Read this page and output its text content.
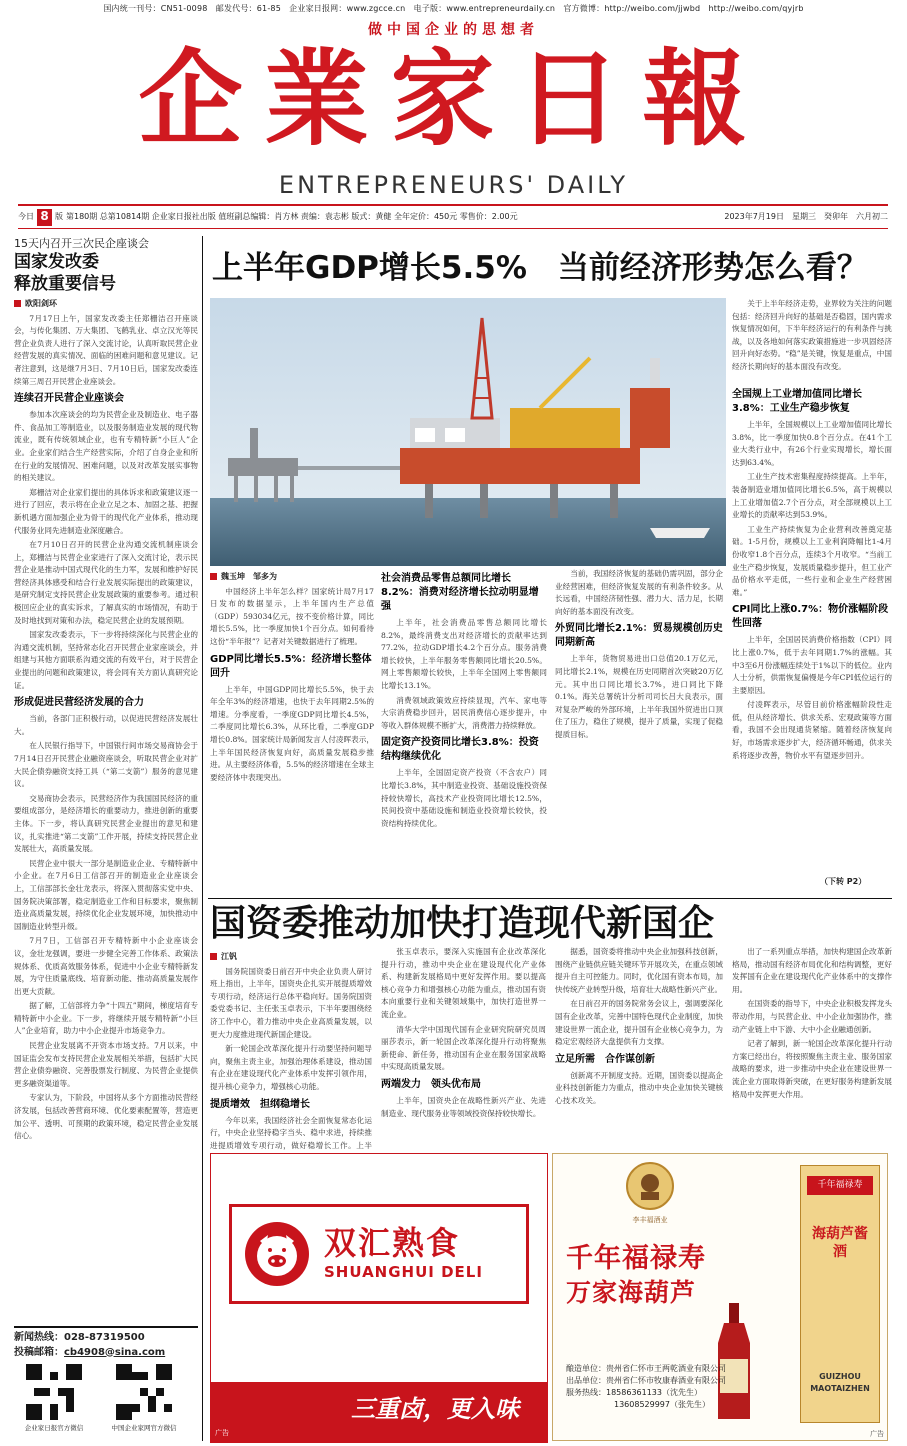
国内统一刊号：CN51-0098　邮发代号：61-85　企业家日报网：www.zgcce.cn　电子版：www.entrepreneurdaily.cn　官方微博：http://weibo.com/jjwbd　http://weibo.com/qyjrb
做中国企业的思想者
企業家日報
ENTREPRENEURS' DAILY
今日 8 版 第180期 总第10814期 企业家日报社出版 值班副总编辑：肖方林 责编：袁志彬 版式：黄健 全年定价：450元 零售价：2.00元	2023年7月19日　星期三　癸卯年　六月初二
15天内召开三次民企座谈会
国家发改委
释放重要信号
欧阳剑环

7月17日上午，国家发改委主任郑栅洁召开座谈会，与传化集团、万大集团、飞鹤乳业、卓立汉光等民营企业负责人进行了深入交流讨论，认真听取民营企业经营发展的真实情况、面临的困难问题和意见建议。记者注意到，这是继7月3日、7月10日后，国家发改委连续第三周召开民营企业座谈会。

连续召开民营企业座谈会

参加本次座谈会的均为民营企业及制造业、电子器件、食品加工等制造业，以及服务制造业发展的现代物流业，既有传统领域企业，也有专精特新“小巨人”企业。企业家们结合生产经营实际，介绍了自身企业和所在行业的发展情况、困难问题，以及对改革发展实事物的相关建议。

郑栅洁对企业家们提出的具体诉求和政策建议逐一进行了回应，表示将在企业立足之本、加固之基、把握新机遇方面加强企业为骨干的现代化产业体系，推动现代服务业同先进制造业深度融合。

在7月10日召开的民营企业沟通交流机制座谈会上，郑栅洁与民营企业家进行了深入交流讨论，表示民营企业是推动中国式现代化的生力军，发展和维护好民营经济具体感受和结合行业发展实际提出的政策建议，是研究制定支持民营企业发展政策的重要参考。通过积极回应企业的真实诉求，了解真实的市场情况，有助于及时地找到对策和办法，稳定民营企业的发展预期。

国家发改委表示，下一步将持续深化与民营企业的沟通交流机制，坚持常态化召开民营企业家座谈会，并组建与其他方面联系沟通交流的有效平台，对于民营企业提出的问题和政策建议，将会同有关方面认真研究论证。

形成促进民营经济发展的合力

当前，各部门正积极行动，以促进民营经济发展壮大。

在人民银行指导下，中国银行间市场交易商协会于7月14日召开民营企业融资座谈会，听取民营企业对扩大民企债券融资支持工具（“第二支箭”）服务的意见建议。

交易商协会表示，民营经济作为我国国民经济的重要组成部分，是经济增长的重要动力，推进创新的重要主体。下一步，将认真研究民营企业提出的意见和建议，扎实推进“第二支箭”工作开展，持续支持民营企业发展壮大，高质量发展。

民营企业中很大一部分是制造业企业、专精特新中小企业。在7月6日工信部召开的制造业企业座谈会上，工信部部长金壮龙表示，将深入贯彻落实党中央、国务院决策部署，稳定制造业工作和目标要求，聚焦制造业高质量发展，持续优化企业发展环境，加快推动中国制造业转型升级。

7月7日，工信部召开专精特新中小企业座谈会议，金壮龙强调，要进一步健全完善工作体系、政策法规体系、优质高效服务体系，促进中小企业专精特新发展，为守住质量底线、培育新动能、推动高质量发展作出更大贡献。

据了解，工信部将力争“十四五”期间，梯度培育专精特新中小企业。下一步，将继续开展专精特新“小巨人”企业培育，助力中小企业提升市场竞争力。

民营企业发展离不开资本市场支持。7月以来，中国证监会发布支持民营企业发展相关举措，包括扩大民营企业债券融资、完善股票发行制度、为民营企业提供更多融资渠道等。

专家认为，下阶段，中国将从多个方面推动民营经济发展，包括改善营商环境、优化要素配置等，营造更加公平、透明、可预期的政策环境，稳定民营企业发展信心。

新闻热线：028-87319500
投稿邮箱：cb4908@sina.com
企业家日报官方微信	中国企业家网官方微信
上半年GDP增长5.5%　当前经济形势怎么看？

关于上半年经济走势，业界较为关注的问题包括：经济回升向好的基础是否稳固，国内需求恢复情况如何，下半年经济运行的有利条件与挑战，以及各地如何落实政策措施进一步巩固经济回升向好态势。“稳”是关键，恢复是重点，中国经济长期向好的基本面没有改变。

全国规上工业增加值同比增长3.8%：工业生产稳步恢复

上半年，全国规模以上工业增加值同比增长3.8%，比一季度加快0.8个百分点。在41个工业大类行业中，有26个行业实现增长，增长面达到63.4%。

工业生产技术密集程度持续提高。上半年，装备制造业增加值同比增长6.5%，高于规模以上工业增加值2.7个百分点，对全部规模以上工业增长的贡献率达到53.9%。

工业生产持续恢复为企业营利改善奠定基础。1-5月份，规模以上工业利润降幅比1-4月份收窄1.8个百分点，连续3个月收窄。“当前工业生产稳步恢复，发展质量稳步提升，但工业产品价格水平走低，一些行业和企业生产经营困难。”

CPI同比上涨0.7%：物价涨幅阶段性回落

上半年，全国居民消费价格指数（CPI）同比上涨0.7%，低于去年同期1.7%的涨幅。其中3至6月份涨幅连续处于1%以下的低位。业内人士分析，供需恢复偏慢是今年CPI低位运行的主要原因。

付凌晖表示，尽管目前价格涨幅阶段性走低，但从经济增长、供求关系、宏观政策等方面看，我国不会出现通货紧缩。随着经济恢复向好，市场需求逐步扩大，经济循环畅通，供求关系将逐步改善，物价水平有望逐步回升。

（下转 P2）
魏玉坤　邹多为

中国经济上半年怎么样？国家统计局7月17日发布的数据显示，上半年国内生产总值（GDP）593034亿元，按不变价格计算，同比增长5.5%，比一季度加快1个百分点。如何看待这份“半年报”？记者对关键数据进行了梳理。

GDP同比增长5.5%：经济增长整体回升

上半年，中国GDP同比增长5.5%，快于去年全年3%的经济增速，也快于去年同期2.5%的增速。分季度看，一季度GDP同比增长4.5%，二季度同比增长6.3%，从环比看，二季度GDP增长0.8%。国家统计局新闻发言人付凌晖表示，上半年国民经济恢复向好，高质量发展稳步推进。从主要经济体看，5.5%的经济增速在全球主要经济体中表现突出。

社会消费品零售总额同比增长8.2%：消费对经济增长拉动明显增强

上半年，社会消费品零售总额同比增长8.2%，最终消费支出对经济增长的贡献率达到77.2%，拉动GDP增长4.2个百分点。服务消费增长较快，上半年服务零售额同比增长20.5%。网上零售额增长较快，上半年全国网上零售额同比增长13.1%。

消费领域政策效应持续显现，汽车、家电等大宗消费稳步回升，居民消费信心逐步提升，中等收入群体规模不断扩大，消费潜力持续释放。

固定资产投资同比增长3.8%：投资结构继续优化

上半年，全国固定资产投资（不含农户）同比增长3.8%，其中制造业投资、基础设施投资保持较快增长，高技术产业投资同比增长12.5%，民间投资中基础设施和制造业投资增长较快，投资结构持续优化。

当前，我国经济恢复的基础仍需巩固，部分企业经营困难，但经济恢复发展的有利条件较多。从长远看，中国经济韧性强、潜力大、活力足，长期向好的基本面没有改变。

外贸同比增长2.1%：贸易规模创历史同期新高

上半年，货物贸易进出口总值20.1万亿元，同比增长2.1%，规模在历史同期首次突破20万亿元。其中出口同比增长3.7%，进口同比下降0.1%。海关总署统计分析司司长吕大良表示，面对复杂严峻的外部环境，上半年我国外贸进出口顶住了压力，稳住了规模，提升了质量，实现了促稳提质目标。

国资委推动加快打造现代新国企
江钒

国务院国资委日前召开中央企业负责人研讨班上指出，上半年，国资央企扎实开展提质增效专项行动，经济运行总体平稳向好。国务院国资委党委书记、主任张玉卓表示，下半年要围绕经济工作中心，着力推动中央企业高质量发展，以更大力度推进现代新国企建设。

新一轮国企改革深化提升行动要坚持问题导向，聚焦主责主业，加强治理体系建设，推动国有企业在建设现代化产业体系中发挥引领作用，提升核心竞争力，增强核心功能。

提质增效　担纲稳增长

今年以来，我国经济社会全面恢复常态化运行，中央企业坚持稳字当头、稳中求进，持续推进提质增效专项行动，做好稳增长工作。上半

张玉卓表示，要深入实施国有企业改革深化提升行动，推动中央企业在建设现代化产业体系、构建新发展格局中更好发挥作用。要以提高核心竞争力和增强核心功能为重点，推动国有资本向重要行业和关键领域集中，加快打造世界一流企业。

清华大学中国现代国有企业研究院研究员周丽莎表示，新一轮国企改革深化提升行动将聚焦新使命、新任务，推动国有企业在服务国家战略中实现高质量发展。

两端发力　领头优布局

上半年，国资央企在战略性新兴产业、先进制造业、现代服务业等领域投资保持较快增长。

据悉，国资委将推动中央企业加强科技创新，围绕产业链供应链关键环节开展攻关，在重点领域提升自主可控能力。同时，优化国有资本布局，加快传统产业转型升级，培育壮大战略性新兴产业。

在日前召开的国务院常务会议上，强调要深化国有企业改革，完善中国特色现代企业制度，加快建设世界一流企业，提升国有企业核心竞争力，为稳定宏观经济大盘提供有力支撑。

立足所需　合作谋创新

创新离不开制度支持。近期，国资委以提高企业科技创新能力为重点，推动中央企业加快关键核心技术攻关。

出了一系列重点举措，加快构建国企改革新格局，推动国有经济布局优化和结构调整，更好发挥国有企业在建设现代化产业体系中的支撑作用。

在国资委的指导下，中央企业积极发挥龙头带动作用，与民营企业、中小企业加强协作，推动产业链上中下游、大中小企业融通创新。

记者了解到，新一轮国企改革深化提升行动方案已经出台，将按照聚焦主责主业、服务国家战略的要求，进一步推动中央企业在建设世界一流企业方面取得新突破，在更好服务构建新发展格局中发挥更大作用。

双汇熟食
SHUANGHUI DELI
三重卤，更入味
广告
李丰福酒业
千年福禄寿
万家海葫芦
千年福禄寿
海葫芦酱酒
GUIZHOU
MAOTAIZHEN
酿造单位：贵州省仁怀市王两乾酒业有限公司
出品单位：贵州省仁怀市牧康春酒业有限公司
服务热线：18586361133（沈先生）
13608529997（张先生）
广告
